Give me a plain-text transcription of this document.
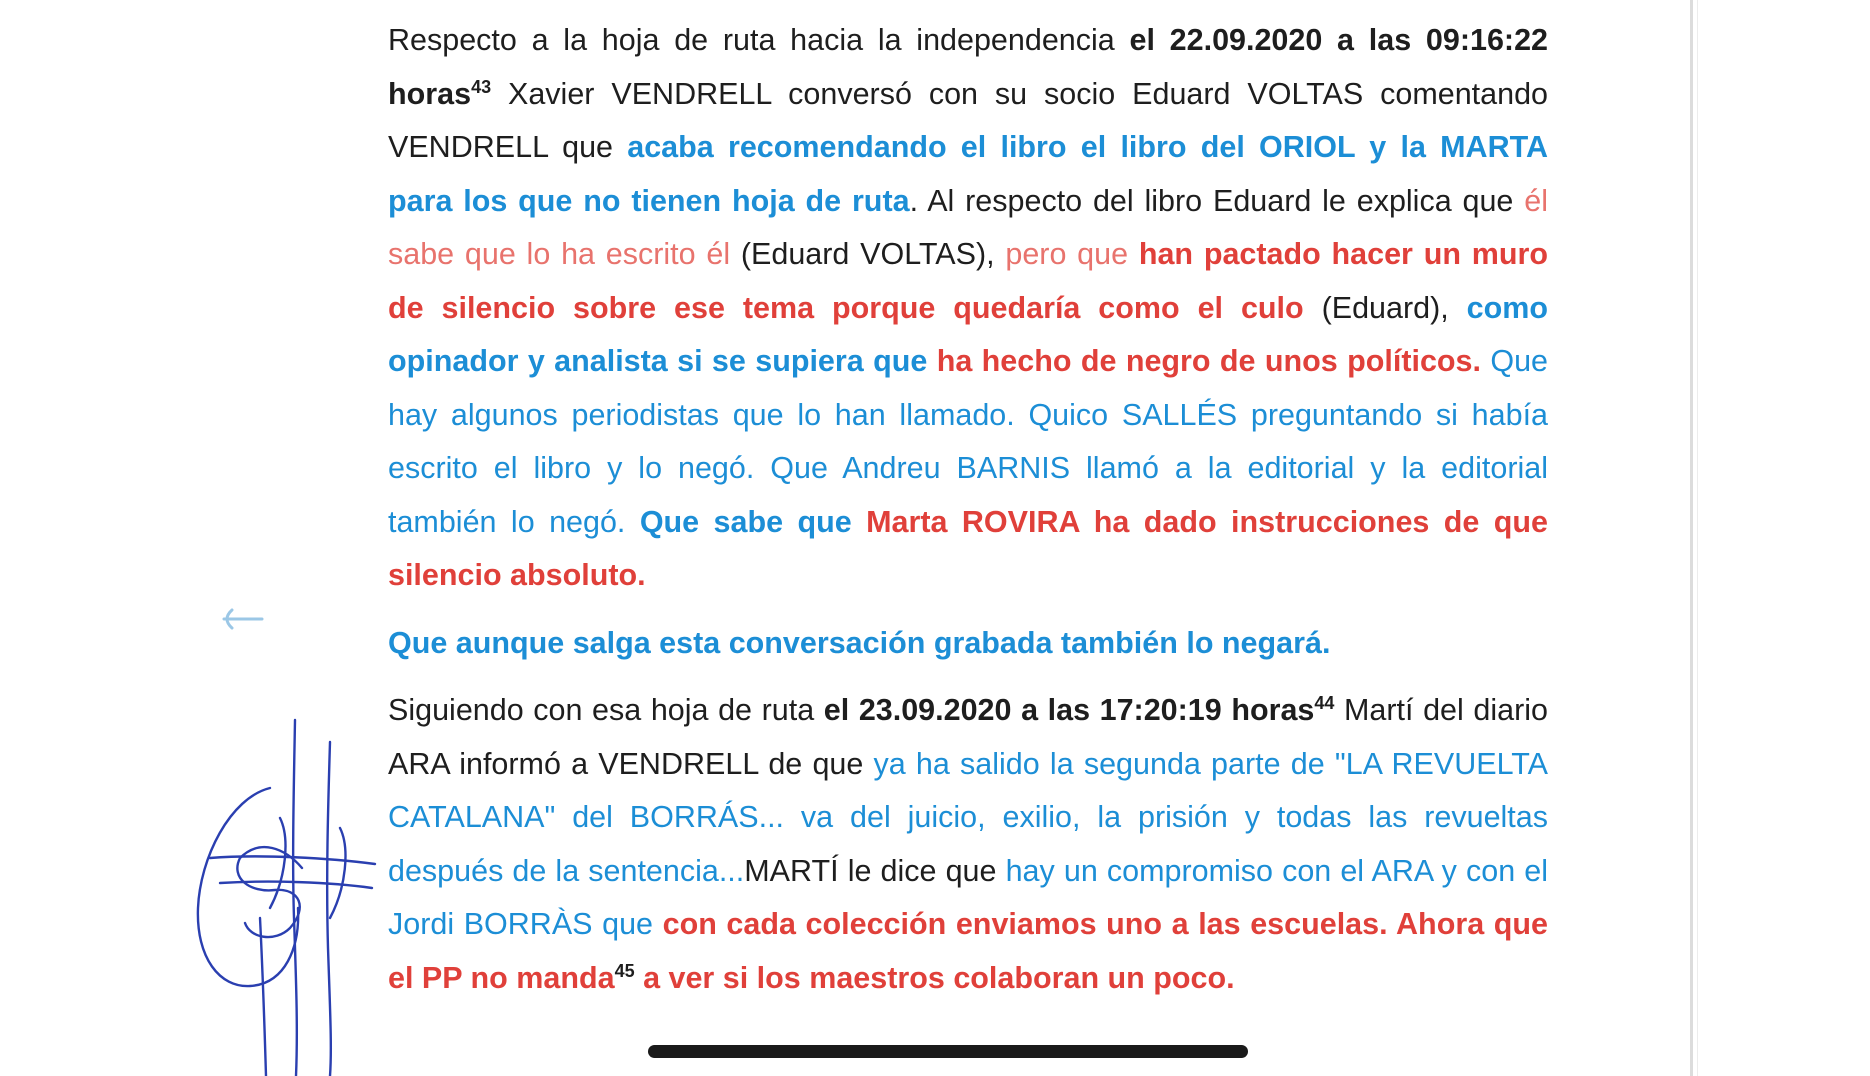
Respecto a la hoja de ruta hacia la independencia el 22.09.2020 a las 09:16:22 horas$^{43}$ Xavier VENDRELL conversó con su socio Eduard VOLTAS comentando VENDRELL que acaba recomendando el libro el libro del ORIOL y la MARTA para los que no tienen hoja de ruta. Al respecto del libro Eduard le explica que él sabe que lo ha escrito él (Eduard VOLTAS), pero que han pactado hacer un muro de silencio sobre ese tema porque quedaría como el culo (Eduard), como opinador y analista si se supiera que ha hecho de negro de unos políticos. Que hay algunos periodistas que lo han llamado. Quico SALLÉS preguntando si había escrito el libro y lo negó. Que Andreu BARNIS llamó a la editorial y la editorial también lo negó. Que sabe que Marta ROVIRA ha dado instrucciones de que silencio absoluto.

Que aunque salga esta conversación grabada también lo negará.

Siguiendo con esa hoja de ruta el 23.09.2020 a las 17:20:19 horas$^{44}$ Martí del diario ARA informó a VENDRELL de que ya ha salido la segunda parte de "LA REVUELTA CATALANA" del BORRÁS... va del juicio, exilio, la prisión y todas las revueltas después de la sentencia...MARTÍ le dice que hay un compromiso con el ARA y con el Jordi BORRÀS que con cada colección enviamos uno a las escuelas. Ahora que el PP no manda$^{45}$ a ver si los maestros colaboran un poco.
